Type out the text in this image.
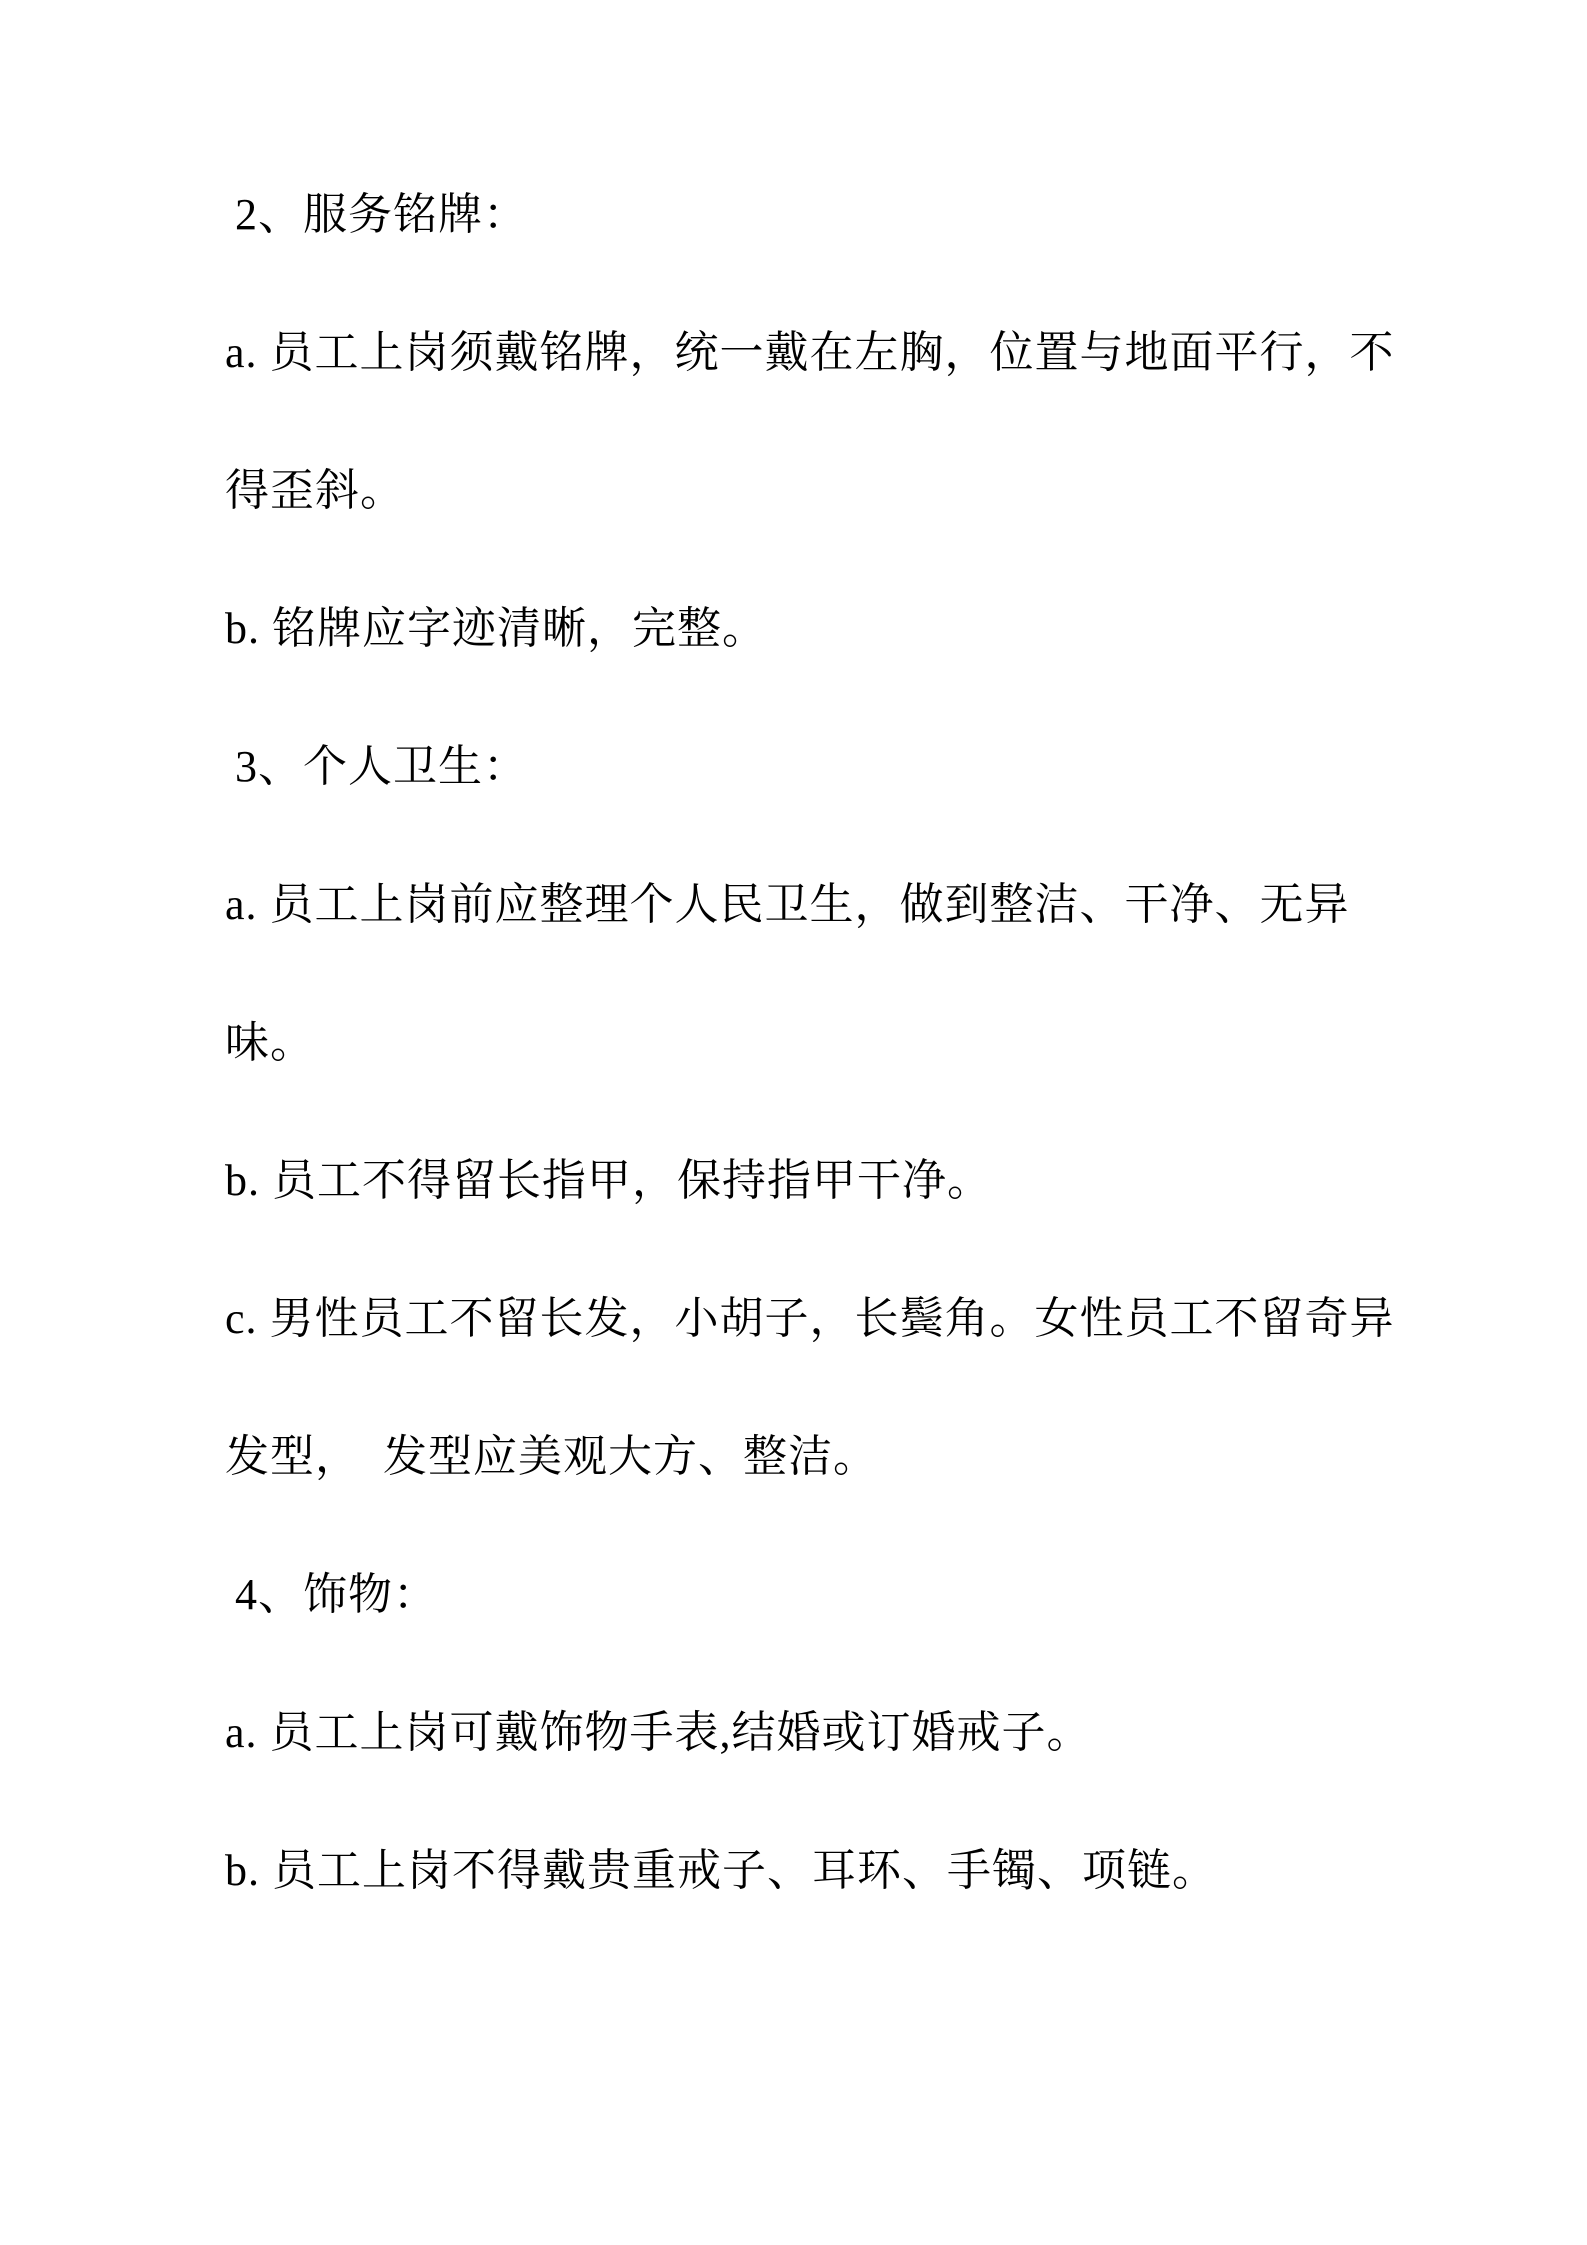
2、服务铭牌：
a. 员工上岗须戴铭牌，统一戴在左胸，位置与地面平行，不
得歪斜。
b. 铭牌应字迹清晰，完整。
3、个人卫生：
a. 员工上岗前应整理个人民卫生，做到整洁、干净、无异
味。
b. 员工不得留长指甲，保持指甲干净。
c. 男性员工不留长发，小胡子，长鬓角。女性员工不留奇异
发型，　发型应美观大方、整洁。
4、饰物：
a. 员工上岗可戴饰物手表,结婚或订婚戒子。
b. 员工上岗不得戴贵重戒子、耳环、手镯、项链。
